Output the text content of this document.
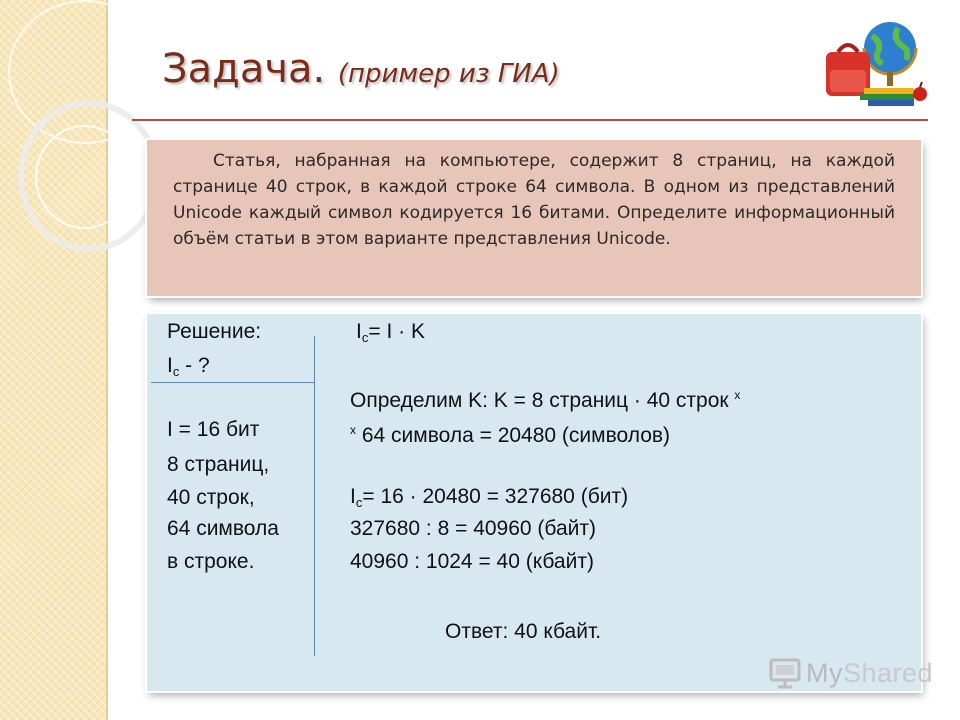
Задача. (пример из ГИА)
Статья, набранная на компьютере, содержит 8 страниц, на каждой странице 40 строк, в каждой строке 64 символа. В одном из представлений Unicode каждый символ кодируется 16 битами. Определите информационный объём статьи в этом варианте представления Unicode.
Решение:
$I_c$ - ?
I = 16 бит
8 страниц,
40 строк,
64 символа
в строке.
$I_c= I \cdot K$
Определим K: K = 8 страниц · 40 строк $^x$
$^x$ 64 символа = 20480 (символов)
$I_c= 16 \cdot 20480 = 327680$ (бит)
327680 : 8 = 40960 (байт)
40960 : 1024 = 40 (кбайт)
Ответ: 40 кбайт.
MyShared
